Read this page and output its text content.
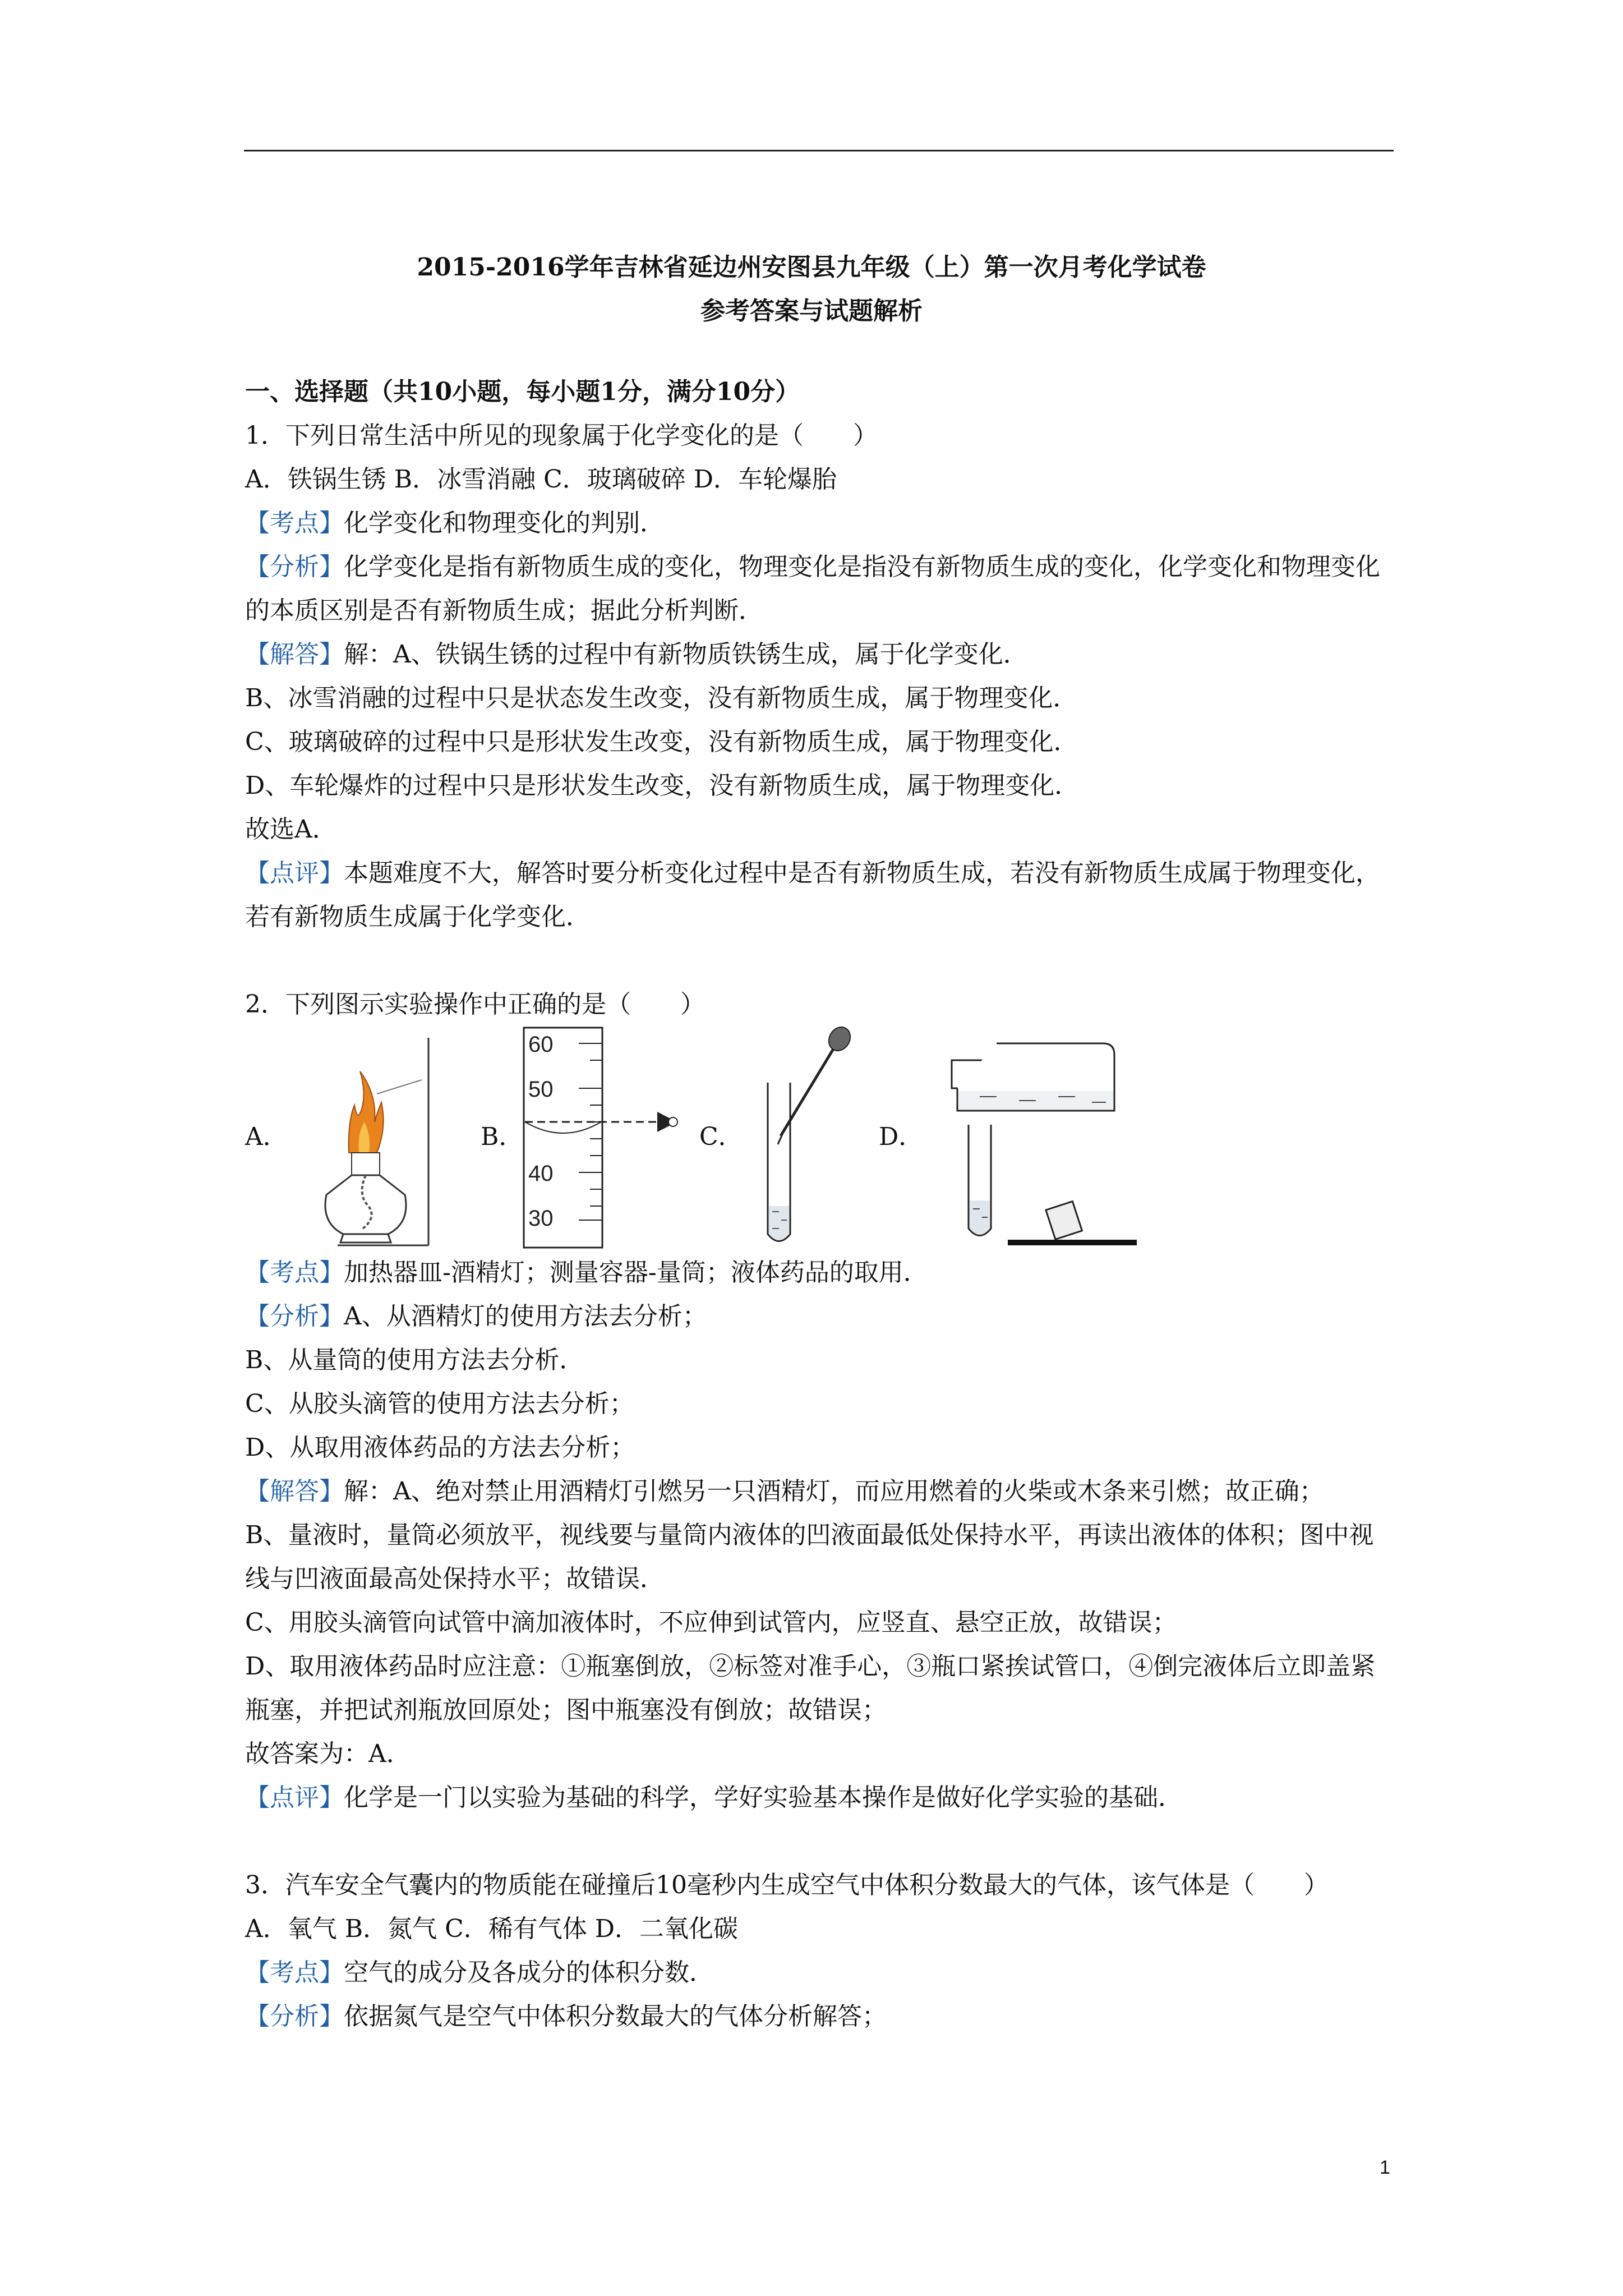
2015-2016学年吉林省延边州安图县九年级（上）第一次月考化学试卷
参考答案与试题解析

一、选择题（共10小题，每小题1分，满分10分）

1．下列日常生活中所见的现象属于化学变化的是（　　）

A．铁锅生锈 B．冰雪消融 C．玻璃破碎 D．车轮爆胎

【考点】化学变化和物理变化的判别．

【分析】化学变化是指有新物质生成的变化，物理变化是指没有新物质生成的变化，化学变化和物理变化的本质区别是否有新物质生成；据此分析判断．

【解答】解：A、铁锅生锈的过程中有新物质铁锈生成，属于化学变化．

B、冰雪消融的过程中只是状态发生改变，没有新物质生成，属于物理变化．

C、玻璃破碎的过程中只是形状发生改变，没有新物质生成，属于物理变化．

D、车轮爆炸的过程中只是形状发生改变，没有新物质生成，属于物理变化．

故选A．

【点评】本题难度不大，解答时要分析变化过程中是否有新物质生成，若没有新物质生成属于物理变化，若有新物质生成属于化学变化．

2．下列图示实验操作中正确的是（　　）

A．	B．
60
50
40
30
C．	D．

【考点】加热器皿-酒精灯；测量容器-量筒；液体药品的取用．

【分析】A、从酒精灯的使用方法去分析；

B、从量筒的使用方法去分析．

C、从胶头滴管的使用方法去分析；

D、从取用液体药品的方法去分析；

【解答】解：A、绝对禁止用酒精灯引燃另一只酒精灯，而应用燃着的火柴或木条来引燃；故正确；

B、量液时，量筒必须放平，视线要与量筒内液体的凹液面最低处保持水平，再读出液体的体积；图中视线与凹液面最高处保持水平；故错误．

C、用胶头滴管向试管中滴加液体时，不应伸到试管内，应竖直、悬空正放，故错误；

D、取用液体药品时应注意：①瓶塞倒放，②标签对准手心，③瓶口紧挨试管口，④倒完液体后立即盖紧瓶塞，并把试剂瓶放回原处；图中瓶塞没有倒放；故错误；

故答案为：A．

【点评】化学是一门以实验为基础的科学，学好实验基本操作是做好化学实验的基础．

3．汽车安全气囊内的物质能在碰撞后10毫秒内生成空气中体积分数最大的气体，该气体是（　　）

A．氧气 B．氮气 C．稀有气体 D．二氧化碳

【考点】空气的成分及各成分的体积分数．

【分析】依据氮气是空气中体积分数最大的气体分析解答；

1
